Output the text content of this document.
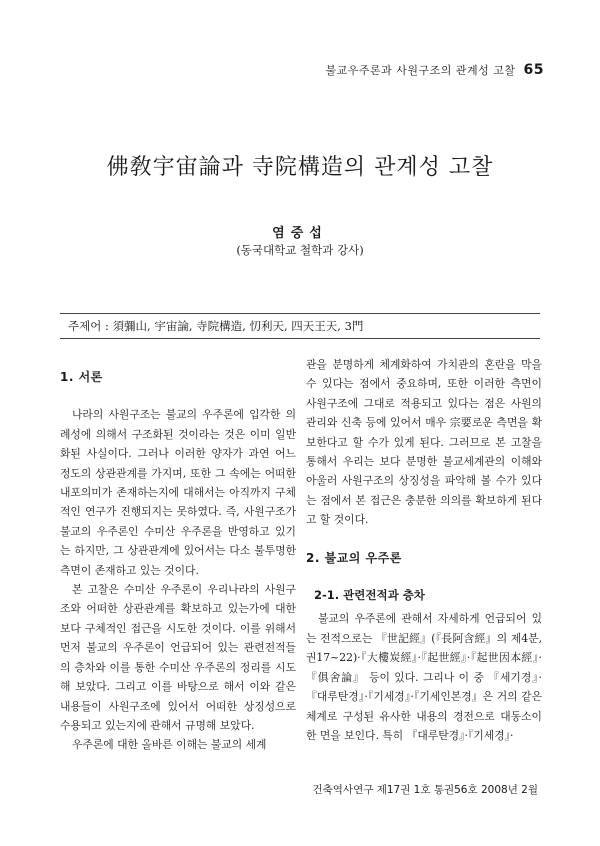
불교우주론과 사원구조의 관계성 고찰 65
佛敎宇宙論과 寺院構造의 관계성 고찰
염중섭
(동국대학교 철학과 강사)
주제어 : 須彌山, 宇宙論, 寺院構造, 忉利天, 四天王天, 3門
1. 서론

나라의 사원구조는 불교의 우주론에 입각한 의례성에 의해서 구조화된 것이라는 것은 이미 일반화된 사실이다. 그러나 이러한 양자가 과연 어느 정도의 상관관계를 가지며, 또한 그 속에는 어떠한 내포의미가 존재하는지에 대해서는 아직까지 구체적인 연구가 진행되지는 못하였다. 즉, 사원구조가 불교의 우주론인 수미산 우주론을 반영하고 있기는 하지만, 그 상관관계에 있어서는 다소 불투명한 측면이 존재하고 있는 것이다.

본 고찰은 수미산 우주론이 우리나라의 사원구조와 어떠한 상관관계를 확보하고 있는가에 대한 보다 구체적인 접근을 시도한 것이다. 이를 위해서 먼저 불교의 우주론이 언급되어 있는 관련전적들의 층차와 이를 통한 수미산 우주론의 정리를 시도해 보았다. 그리고 이를 바탕으로 해서 이와 같은 내용들이 사원구조에 있어서 어떠한 상징성으로 수용되고 있는지에 관해서 규명해 보았다.

우주론에 대한 올바른 이해는 불교의 세계

관을 분명하게 체계화하여 가치관의 혼란을 막을 수 있다는 점에서 중요하며, 또한 이러한 측면이 사원구조에 그대로 적용되고 있다는 점은 사원의 관리와 신축 등에 있어서 매우 宗要로운 측면을 확보한다고 할 수가 있게 된다. 그러므로 본 고찰을 통해서 우리는 보다 분명한 불교세계관의 이해와 아울러 사원구조의 상징성을 파악해 볼 수가 있다는 점에서 본 접근은 충분한 의의를 확보하게 된다고 할 것이다.

2. 불교의 우주론
2-1. 관련전적과 층차

불교의 우주론에 관해서 자세하게 언급되어 있는 전적으로는 『世記經』(『長阿含經』의 제4분, 권17~22)·『大樓炭經』·『起世經』·『起世因本經』·『俱舍論』 등이 있다. 그리나 이 중 『세기경』·『대루탄경』·『기세경』·『기세인본경』은 거의 같은 체계로 구성된 유사한 내용의 경전으로 대동소이한 면을 보인다. 특히 『대루탄경』·『기세경』·

건축역사연구 제17권 1호 통권56호 2008년 2월
